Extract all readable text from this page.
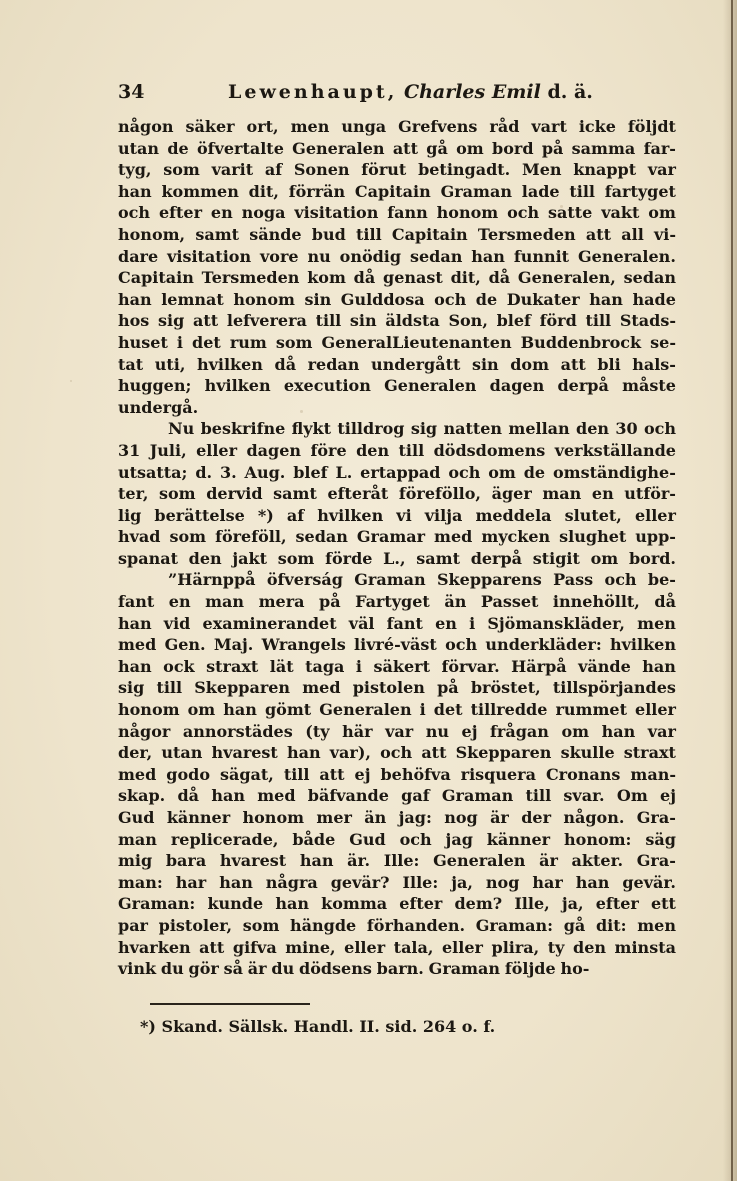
34	Lewenhaupt, Charles Emil d. ä.
någon säker ort, men unga Grefvens råd vart icke följdt
utan de öfvertalte Generalen att gå om bord på samma far-
tyg, som varit af Sonen förut betingadt. Men knappt var
han kommen dit, förrän Capitain Graman lade till fartyget
och efter en noga visitation fann honom och satte vakt om
honom, samt sände bud till Capitain Tersmeden att all vi-
dare visitation vore nu onödig sedan han funnit Generalen.
Capitain Tersmeden kom då genast dit, då Generalen, sedan
han lemnat honom sin Gulddosa och de Dukater han hade
hos sig att lefverera till sin äldsta Son, blef förd till Stads-
huset i det rum som GeneralLieutenanten Buddenbrock se-
tat uti, hvilken då redan undergått sin dom att bli hals-
huggen; hvilken execution Generalen dagen derpå måste
undergå.
Nu beskrifne flykt tilldrog sig natten mellan den 30 och
31 Juli, eller dagen före den till dödsdomens verkställande
utsatta; d. 3. Aug. blef L. ertappad och om de omständighe-
ter, som dervid samt efteråt föreföllo, äger man en utför-
lig berättelse *) af hvilken vi vilja meddela slutet, eller
hvad som föreföll, sedan Gramar med mycken slughet upp-
spanat den jakt som förde L., samt derpå stigit om bord.
”Härnppå öfverság Graman Skepparens Pass och be-
fant en man mera på Fartyget än Passet innehöllt, då
han vid examinerandet väl fant en i Sjömanskläder, men
med Gen. Maj. Wrangels livré-väst och underkläder: hvilken
han ock straxt lät taga i säkert förvar. Härpå vände han
sig till Skepparen med pistolen på bröstet, tillspörjandes
honom om han gömt Generalen i det tillredde rummet eller
någor annorstädes (ty här var nu ej frågan om han var
der, utan hvarest han var), och att Skepparen skulle straxt
med godo sägat, till att ej behöfva risquera Cronans man-
skap. då han med bäfvande gaf Graman till svar. Om ej
Gud känner honom mer än jag: nog är der någon. Gra-
man replicerade, både Gud och jag känner honom: säg
mig bara hvarest han är. Ille: Generalen är akter. Gra-
man: har han några gevär? Ille: ja, nog har han gevär.
Graman: kunde han komma efter dem? Ille, ja, efter ett
par pistoler, som hängde förhanden. Graman: gå dit: men
hvarken att gifva mine, eller tala, eller plira, ty den minsta
vink du gör så är du dödsens barn. Graman följde ho-
*) Skand. Sällsk. Handl. II. sid. 264 o. f.
